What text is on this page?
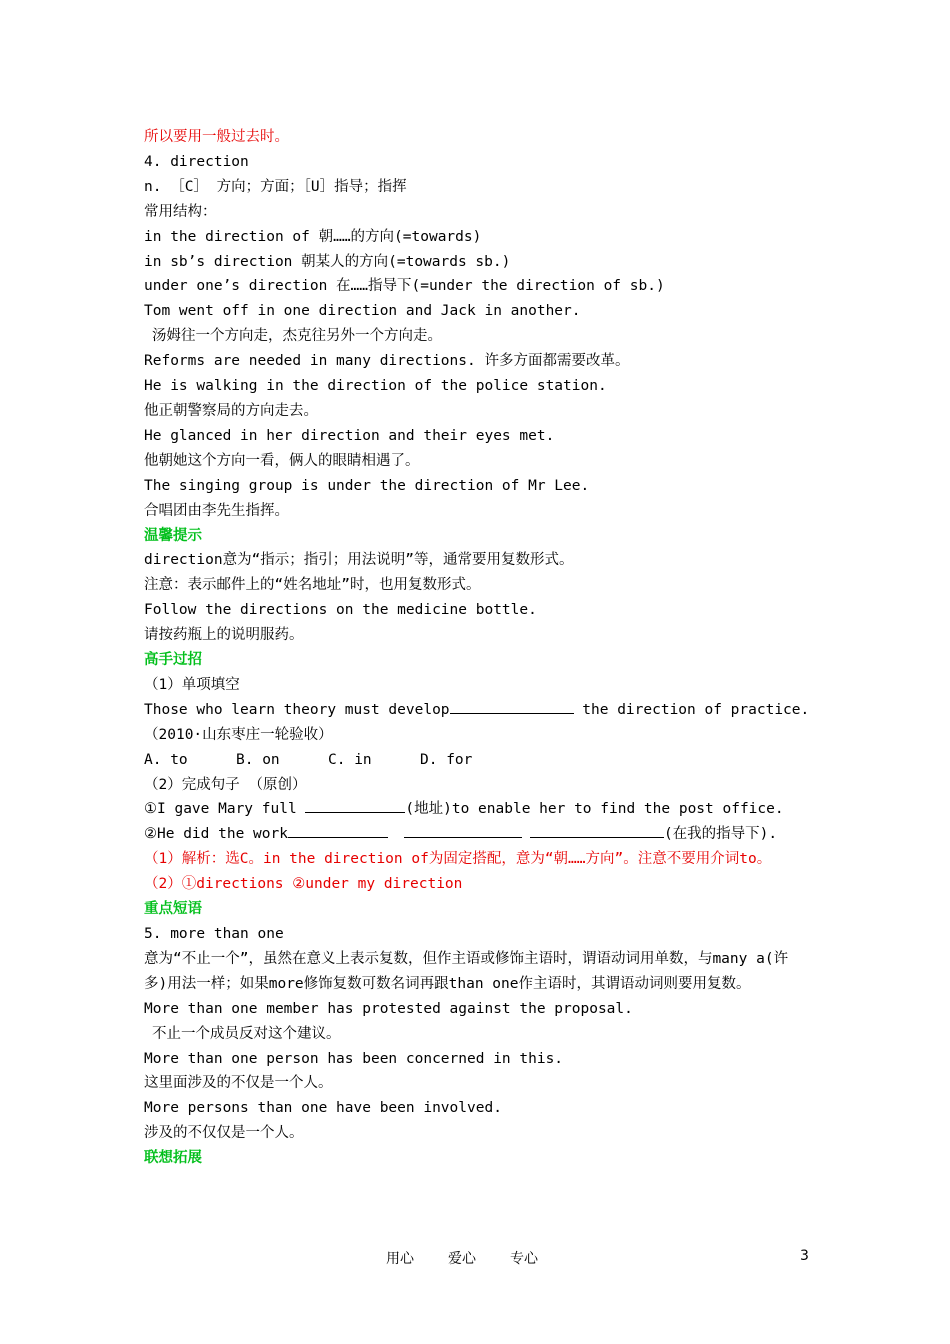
所以要用一般过去时。
4. direction
n. ［C］ 方向；方面；［U］指导；指挥
常用结构：
in the direction of 朝……的方向(=towards)
in sb’s direction 朝某人的方向(=towards sb.)
under one’s direction 在……指导下(=under the direction of sb.)
Tom went off in one direction and Jack in another.
汤姆往一个方向走，杰克往另外一个方向走。
Reforms are needed in many directions. 许多方面都需要改革。
He is walking in the direction of the police station.
他正朝警察局的方向走去。
He glanced in her direction and their eyes met.
他朝她这个方向一看，俩人的眼睛相遇了。
The singing group is under the direction of Mr Lee.
合唱团由李先生指挥。
温馨提示
direction意为“指示；指引；用法说明”等，通常要用复数形式。
注意：表示邮件上的“姓名地址”时，也用复数形式。
Follow the directions on the medicine bottle.
请按药瓶上的说明服药。
高手过招
（1）单项填空
Those who learn theory must develop	the direction of practice.
（2010·山东枣庄一轮验收）
A. to	B. on	C. in	D. for
（2）完成句子 （原创）
①I gave Mary full	(地址)to enable her to find the post office.
②He did the work	(在我的指导下).
（1）解析：选C。in the direction of为固定搭配，意为“朝……方向”。注意不要用介词to。
（2）①directions ②under my direction
重点短语
5. more than one
意为“不止一个”，虽然在意义上表示复数，但作主语或修饰主语时，谓语动词用单数，与many a(许多)用法一样；如果more修饰复数可数名词再跟than one作主语时，其谓语动词则要用复数。
More than one member has protested against the proposal.
不止一个成员反对这个建议。
More than one person has been concerned in this.
这里面涉及的不仅是一个人。
More persons than one have been involved.
涉及的不仅仅是一个人。
联想拓展
用心 爱心 专心	3
